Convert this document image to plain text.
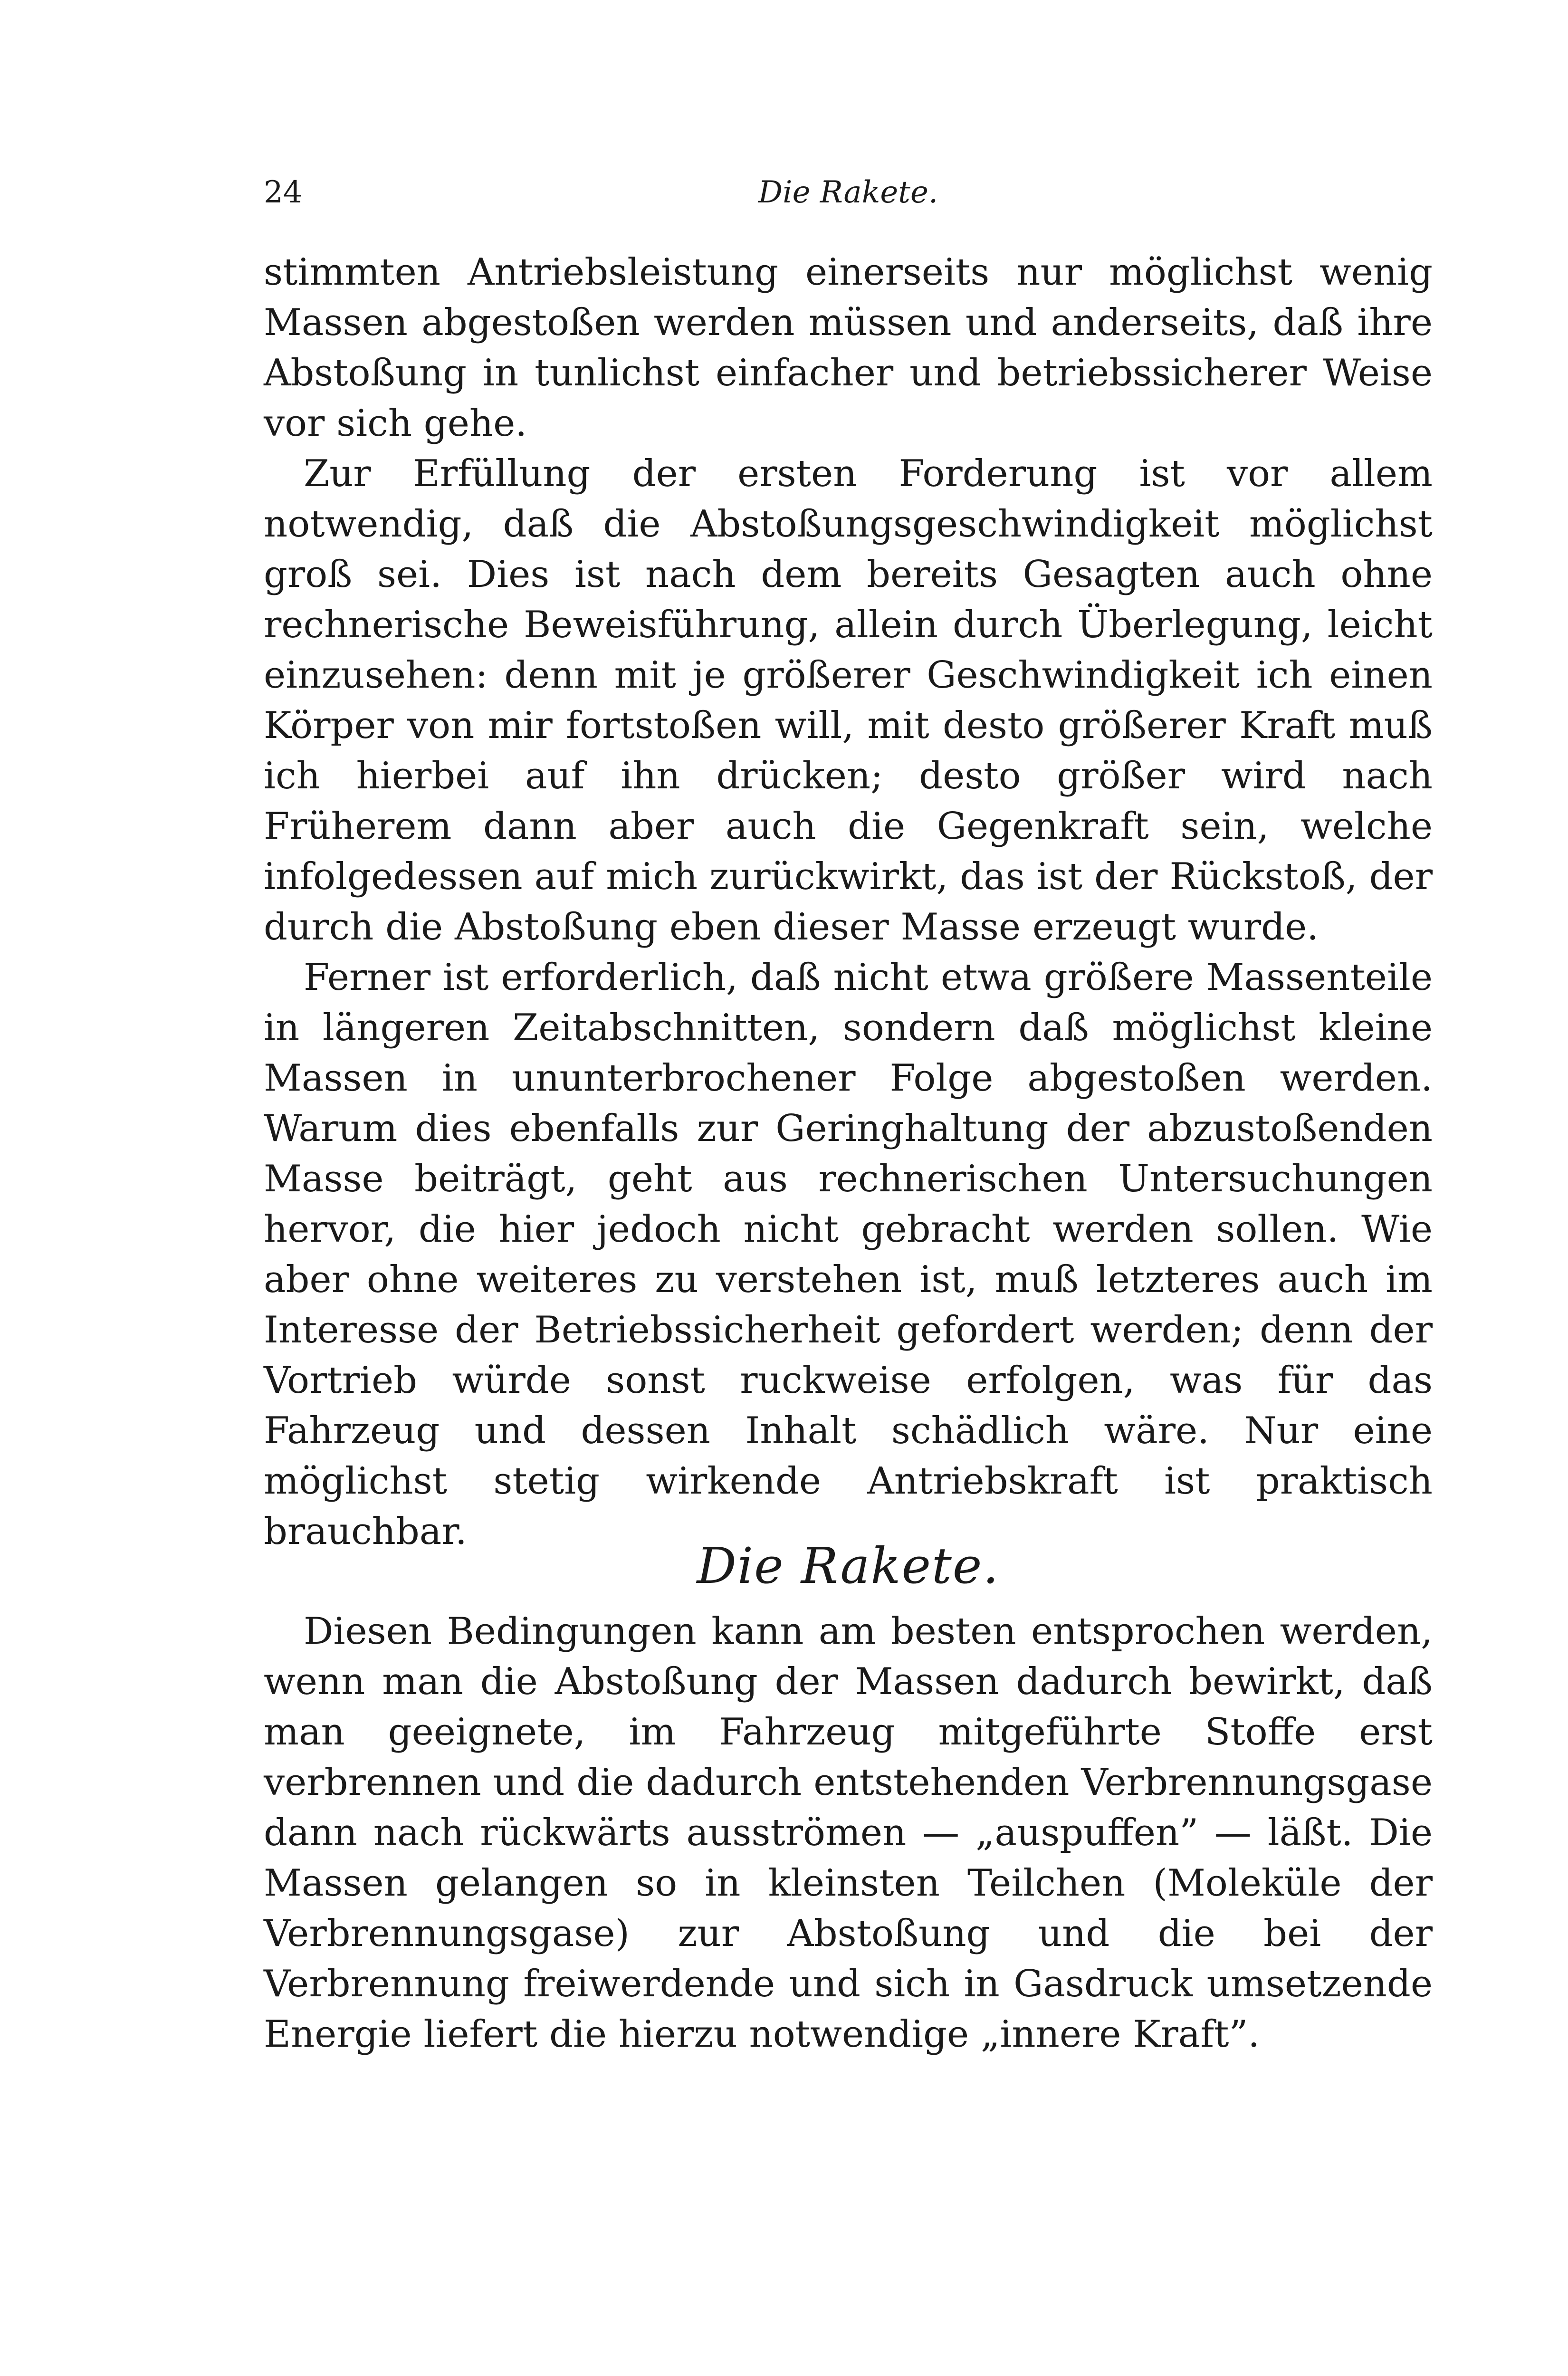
24	Die Rakete.

stimmten Antriebsleistung einerseits nur möglichst wenig Massen abgestoßen werden müssen und anderseits, daß ihre Abstoßung in tunlichst einfacher und betriebssicherer Weise vor sich gehe.

Zur Erfüllung der ersten Forderung ist vor allem notwendig, daß die Abstoßungsgeschwindigkeit möglichst groß sei. Dies ist nach dem bereits Gesagten auch ohne rechnerische Beweisführung, allein durch Überlegung, leicht einzusehen: denn mit je größerer Geschwindigkeit ich einen Körper von mir fortstoßen will, mit desto größerer Kraft muß ich hierbei auf ihn drücken; desto größer wird nach Früherem dann aber auch die Gegenkraft sein, welche infolgedessen auf mich zurückwirkt, das ist der Rückstoß, der durch die Abstoßung eben dieser Masse erzeugt wurde.

Ferner ist erforderlich, daß nicht etwa größere Massenteile in längeren Zeitabschnitten, sondern daß möglichst kleine Massen in ununterbrochener Folge abgestoßen werden. Warum dies ebenfalls zur Geringhaltung der abzustoßenden Masse beiträgt, geht aus rechnerischen Untersuchungen hervor, die hier jedoch nicht gebracht werden sollen. Wie aber ohne weiteres zu verstehen ist, muß letzteres auch im Interesse der Betriebssicherheit gefordert werden; denn der Vortrieb würde sonst ruckweise erfolgen, was für das Fahrzeug und dessen Inhalt schädlich wäre. Nur eine möglichst stetig wirkende Antriebskraft ist praktisch brauchbar.

Die Rakete.

Diesen Bedingungen kann am besten entsprochen werden, wenn man die Abstoßung der Massen dadurch bewirkt, daß man geeignete, im Fahrzeug mitgeführte Stoffe erst verbrennen und die dadurch entstehenden Verbrennungsgase dann nach rückwärts ausströmen — „auspuffen” — läßt. Die Massen gelangen so in kleinsten Teilchen (Moleküle der Verbrennungsgase) zur Abstoßung und die bei der Verbrennung freiwerdende und sich in Gasdruck umsetzende Energie liefert die hierzu notwendige „innere Kraft”.
